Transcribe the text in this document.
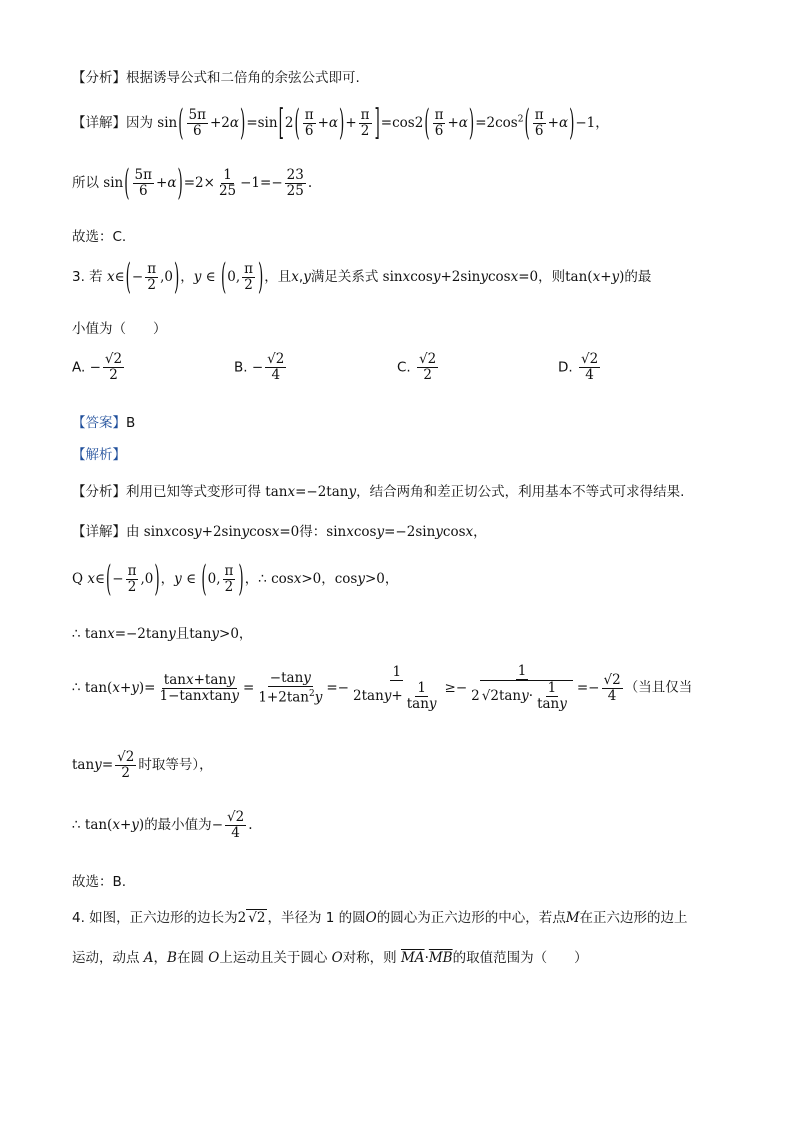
【分析】根据诱导公式和二倍角的余弦公式即可.
【详解】因为 $\sin( \frac{5\pi}{6} +2\alpha)=\sin[2( \frac{\pi}{6} +\alpha)+ \frac{\pi}{2} ]=\cos 2( \frac{\pi}{6} +\alpha)=2\cos^2( \frac{\pi}{6} +\alpha)-1$，
所以 $\sin( \frac{5\pi}{6} +\alpha)=2\times \frac{1}{25} -1=- \frac{23}{25}$ .
故选：C.
3. 若 x∈(− $\frac{\pi}{2} ,0$)，y ∈ (0, $\frac{\pi}{2}$ )，且x,y满足关系式 sinxcosy+2sinycosx=0，则tan(x+y)的最
小值为（　　）
A. − $\frac{√2}{2}$	B. − $\frac{√2}{4}$	C. $\frac{√2}{2}$	D. $\frac{√2}{4}$
【答案】B
【解析】
【分析】利用已知等式变形可得 tanx=−2tany，结合两角和差正切公式，利用基本不等式可求得结果.
【详解】由 sinxcosy+2sinycosx=0得：sinxcosy=−2sinycosx，
Q x∈(− $\frac{\pi}{2} ,0$)，y ∈ (0, $\frac{\pi}{2}$ )，∴ cosx>0，cosy>0，
∴ tanx=−2tany且tany>0，
∴ $\tan(x+y)= \frac{\tan x+\tan y}{\text{1−tanxtany}} = \frac{-\tan y}{1+2\tan^2y} =- \frac{1}{2\tan y+ \frac{1}{\tan y}} \ge- \frac{1}{2 √2\tan y\cdot \frac{1}{\tan y}} =- \frac{√2}{4}$ （当且仅当
$\tan y= \frac{√2}{2}$ 时取等号），
∴ tan(x+y)的最小值为− $\frac{√2}{4}$ .
故选：B.
4. 如图，正六边形的边长为2 √2 ，半径为 1 的圆O的圆心为正六边形的中心，若点M在正六边形的边上
运动，动点 A，B在圆 O上运动且关于圆心 O对称，则 $\overline{MA}\cdot\overline{MB}$的取值范围为（　　）
